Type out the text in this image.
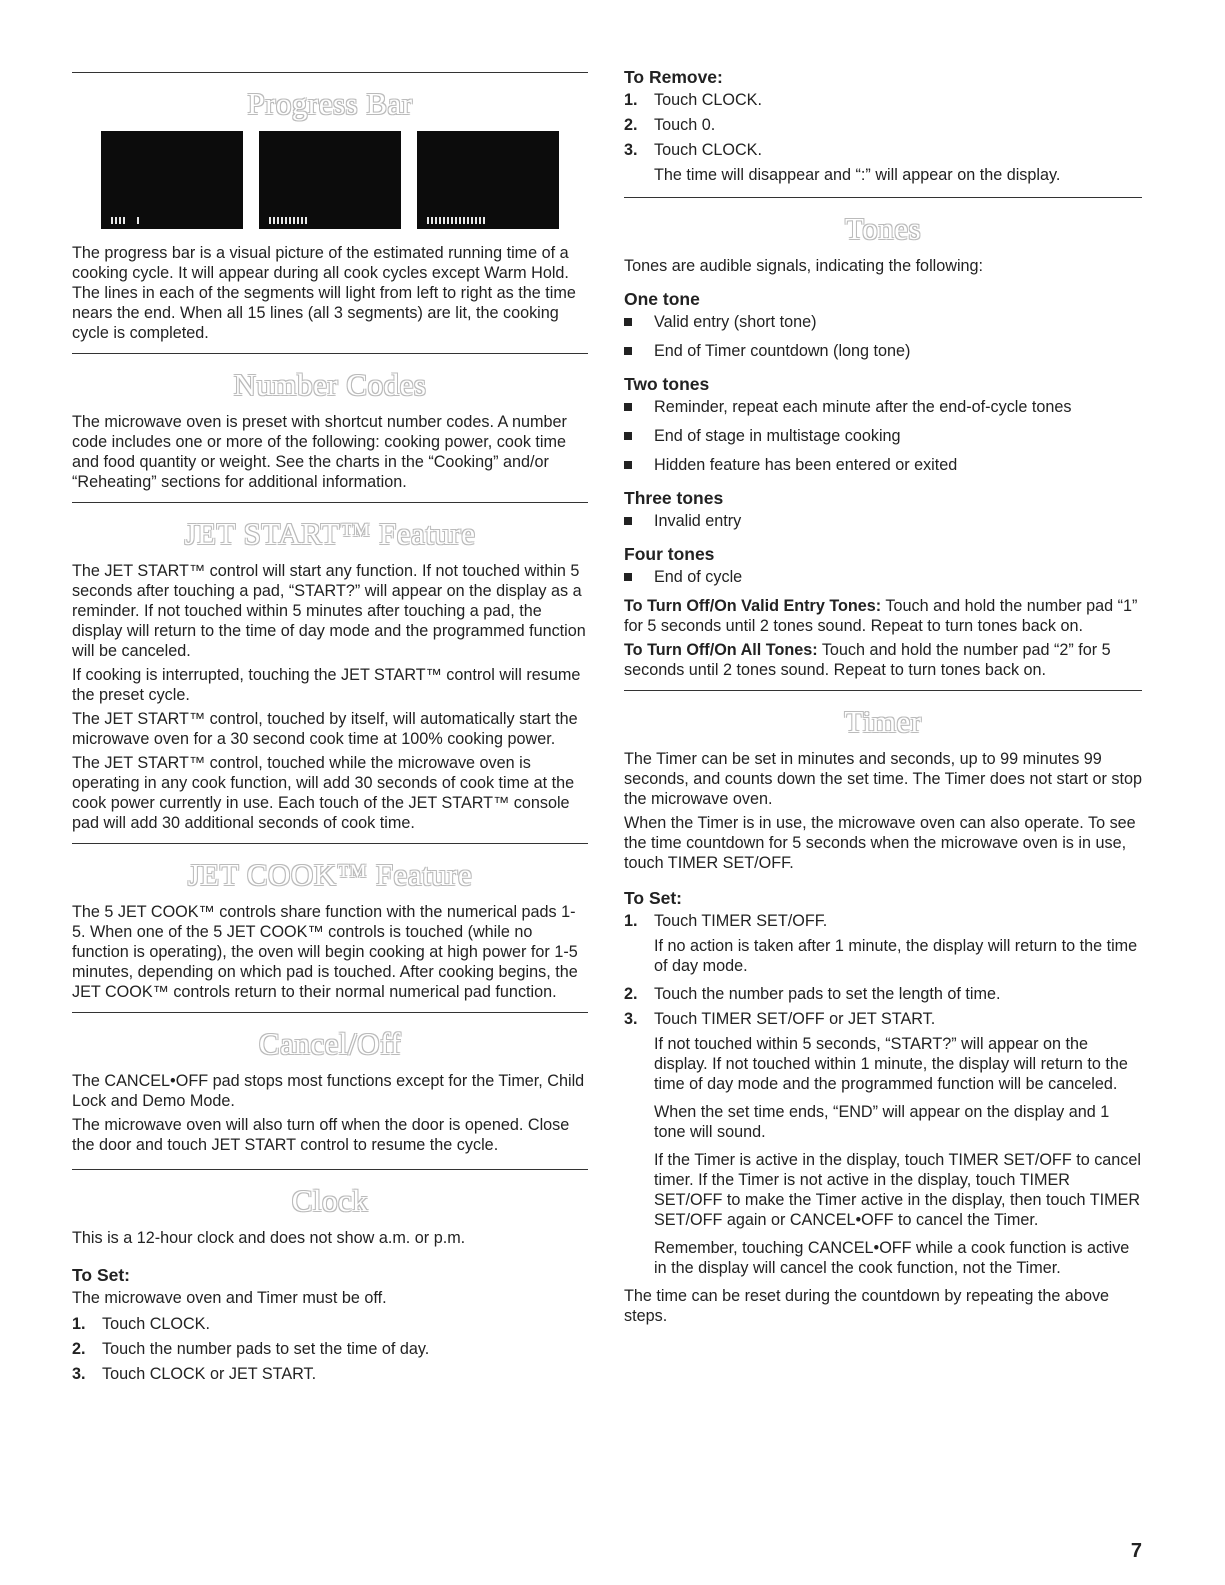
Progress Bar

The progress bar is a visual picture of the estimated running time of a cooking cycle. It will appear during all cook cycles except Warm Hold. The lines in each of the segments will light from left to right as the time nears the end. When all 15 lines (all 3 segments) are lit, the cooking cycle is completed.

Number Codes

The microwave oven is preset with shortcut number codes. A number code includes one or more of the following: cooking power, cook time and food quantity or weight. See the charts in the “Cooking” and/or “Reheating” sections for additional information.

JET START™ Feature

The JET START™ control will start any function. If not touched within 5 seconds after touching a pad, “START?” will appear on the display as a reminder. If not touched within 5 minutes after touching a pad, the display will return to the time of day mode and the programmed function will be canceled.

If cooking is interrupted, touching the JET START™ control will resume the preset cycle.

The JET START™ control, touched by itself, will automatically start the microwave oven for a 30 second cook time at 100% cooking power.

The JET START™ control, touched while the microwave oven is operating in any cook function, will add 30 seconds of cook time at the cook power currently in use. Each touch of the JET START™ console pad will add 30 additional seconds of cook time.

JET COOK™ Feature

The 5 JET COOK™ controls share function with the numerical pads 1-5. When one of the 5 JET COOK™ controls is touched (while no function is operating), the oven will begin cooking at high power for 1-5 minutes, depending on which pad is touched. After cooking begins, the JET COOK™ controls return to their normal numerical pad function.

Cancel/Off

The CANCEL•OFF pad stops most functions except for the Timer, Child Lock and Demo Mode.

The microwave oven will also turn off when the door is opened. Close the door and touch JET START control to resume the cycle.

Clock

This is a 12-hour clock and does not show a.m. or p.m.

To Set:

The microwave oven and Timer must be off.

1.	Touch CLOCK.
2.	Touch the number pads to set the time of day.
3.	Touch CLOCK or JET START.
To Remove:
1.	Touch CLOCK.
2.	Touch 0.
3.	Touch CLOCK.

The time will disappear and “:” will appear on the display.

Tones

Tones are audible signals, indicating the following:

One tone
Valid entry (short tone)
End of Timer countdown (long tone)
Two tones
Reminder, repeat each minute after the end-of-cycle tones
End of stage in multistage cooking
Hidden feature has been entered or exited
Three tones
Invalid entry
Four tones
End of cycle

To Turn Off/On Valid Entry Tones: Touch and hold the number pad “1” for 5 seconds until 2 tones sound. Repeat to turn tones back on.

To Turn Off/On All Tones: Touch and hold the number pad “2” for 5 seconds until 2 tones sound. Repeat to turn tones back on.

Timer

The Timer can be set in minutes and seconds, up to 99 minutes 99 seconds, and counts down the set time. The Timer does not start or stop the microwave oven.

When the Timer is in use, the microwave oven can also operate. To see the time countdown for 5 seconds when the microwave oven is in use, touch TIMER SET/OFF.

To Set:
1.	Touch TIMER SET/OFF.

If no action is taken after 1 minute, the display will return to the time of day mode.

2.	Touch the number pads to set the length of time.
3.	Touch TIMER SET/OFF or JET START.

If not touched within 5 seconds, “START?” will appear on the display. If not touched within 1 minute, the display will return to the time of day mode and the programmed function will be canceled.

When the set time ends, “END” will appear on the display and 1 tone will sound.

If the Timer is active in the display, touch TIMER SET/OFF to cancel timer. If the Timer is not active in the display, touch TIMER SET/OFF to make the Timer active in the display, then touch TIMER SET/OFF again or CANCEL•OFF to cancel the Timer.

Remember, touching CANCEL•OFF while a cook function is active in the display will cancel the cook function, not the Timer.

The time can be reset during the countdown by repeating the above steps.

7
